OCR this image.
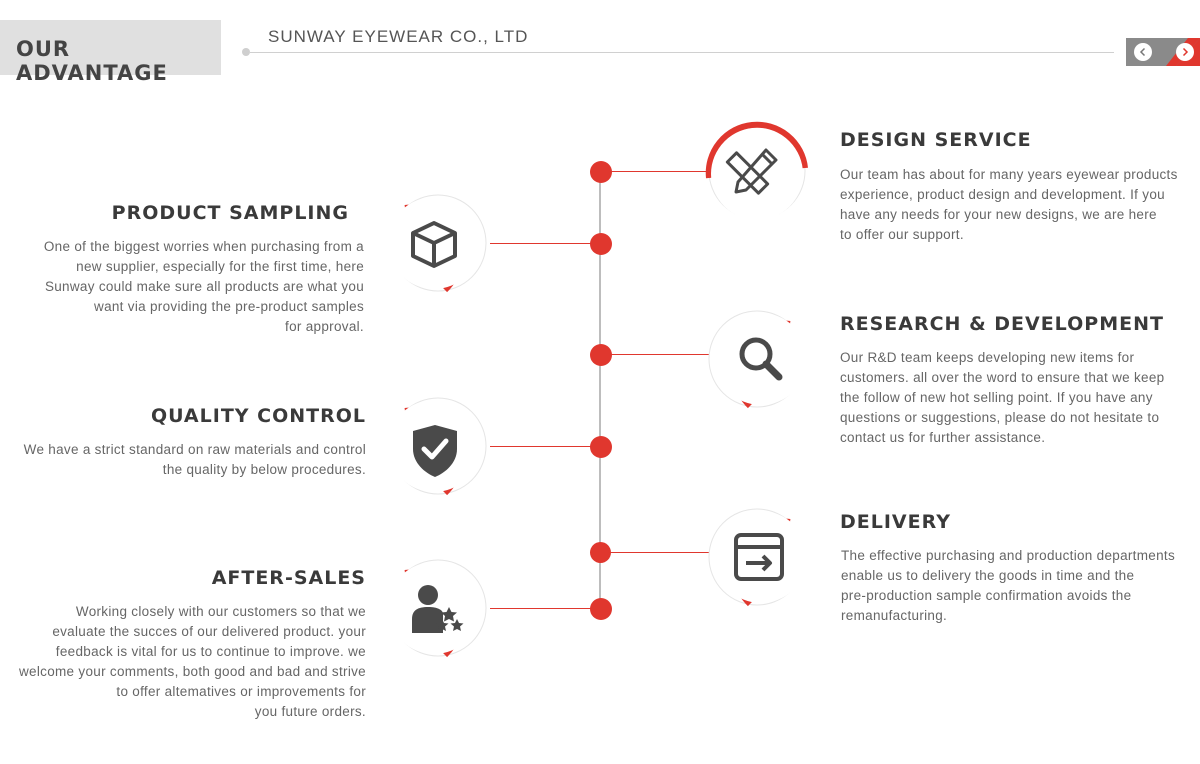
OUR ADVANTAGE
SUNWAY EYEWEAR CO., LTD
DESIGN SERVICE
Our team has about for many years eyewear products
experience, product design and development. If you
have any needs for your new designs, we are here
to offer our support.
PRODUCT SAMPLING
One of the biggest worries when purchasing from a
new supplier, especially for the first time, here
Sunway could make sure all products are what you
want via providing the pre-product samples
for approval.	RESEARCH & DEVELOPMENT
Our R&D team keeps developing new items for
customers. all over the word to ensure that we keep
the follow of new hot selling point. If you have any
questions or suggestions, please do not hesitate to
contact us for further assistance.
QUALITY CONTROL
We have a strict standard on raw materials and control
the quality by below procedures.
DELIVERY
The effective purchasing and production departments
enable us to delivery the goods in time and the
pre-production sample confirmation avoids the
remanufacturing.
AFTER-SALES
Working closely with our customers so that we
evaluate the succes of our delivered product. your
feedback is vital for us to continue to improve. we
welcome your comments, both good and bad and strive
to offer altematives or improvements for
you future orders.
